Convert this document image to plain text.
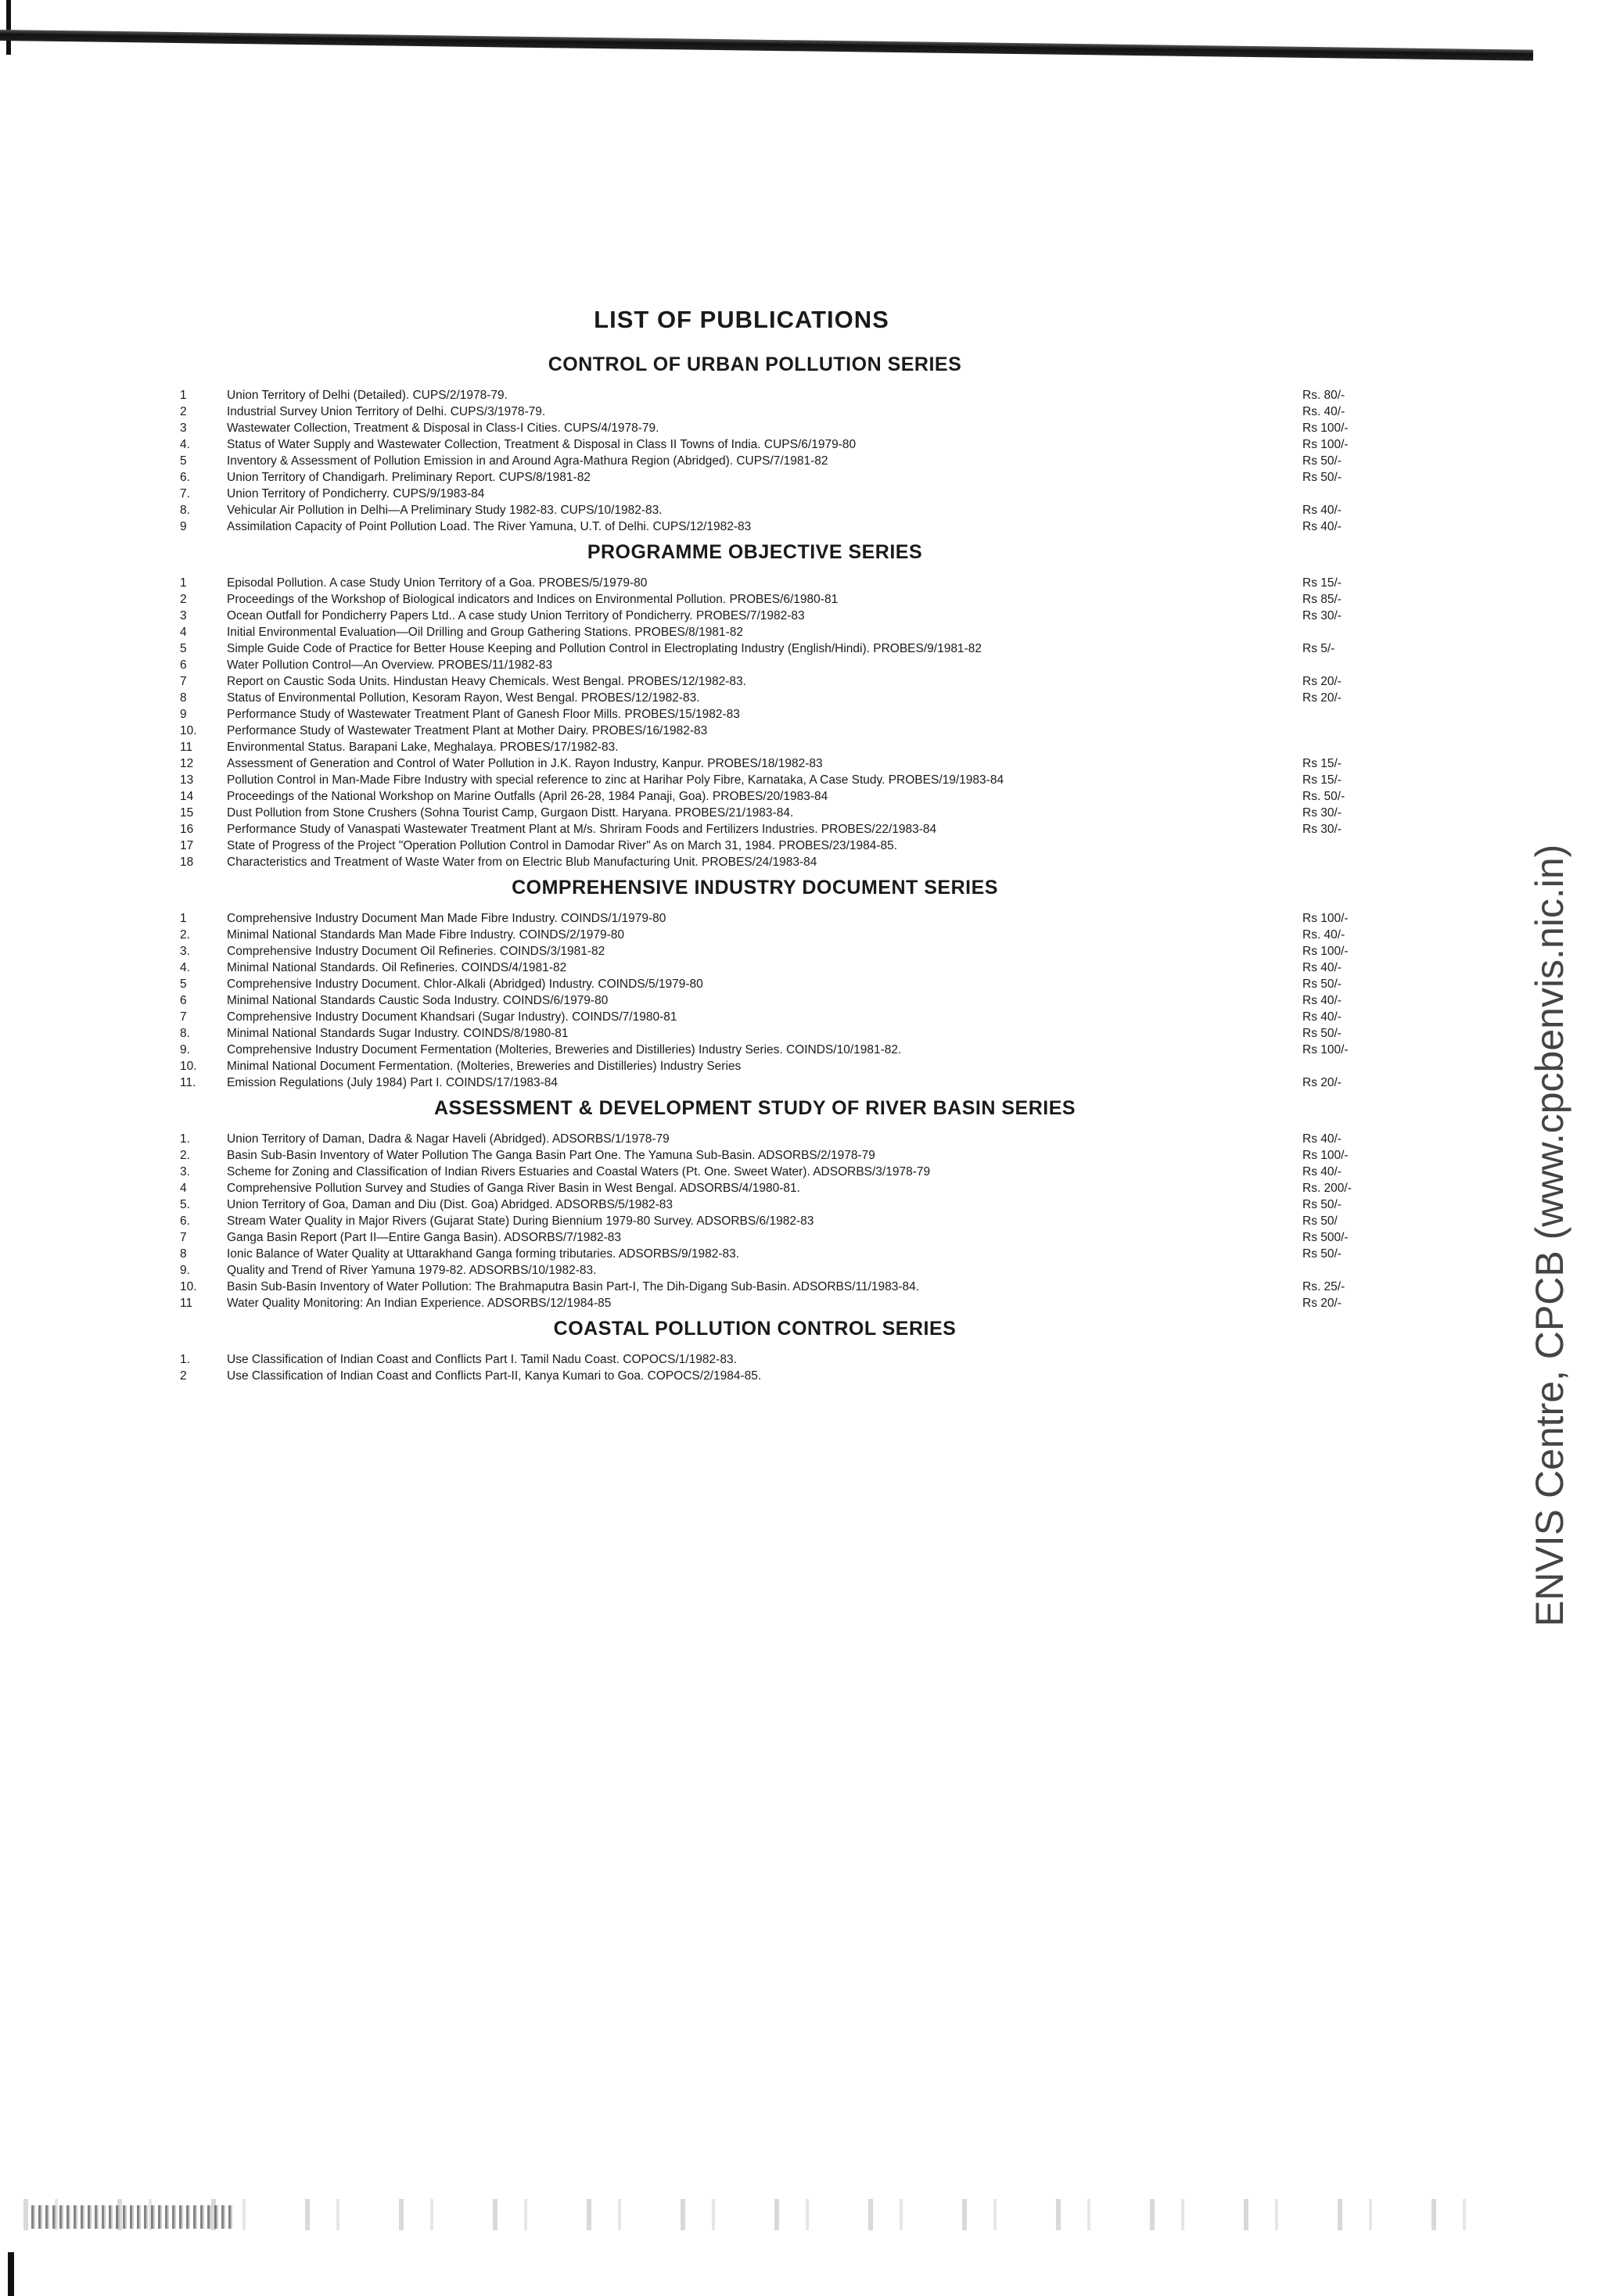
LIST OF PUBLICATIONS
CONTROL OF URBAN POLLUTION SERIES
1	Union Territory of Delhi (Detailed). CUPS/2/1978-79.	Rs. 80/-
2	Industrial Survey Union Territory of Delhi. CUPS/3/1978-79.	Rs. 40/-
3	Wastewater Collection, Treatment & Disposal in Class-I Cities. CUPS/4/1978-79.	Rs 100/-
4.	Status of Water Supply and Wastewater Collection, Treatment & Disposal in Class II Towns of India. CUPS/6/1979-80	Rs 100/-
5	Inventory & Assessment of Pollution Emission in and Around Agra-Mathura Region (Abridged). CUPS/7/1981-82	Rs 50/-
6.	Union Territory of Chandigarh. Preliminary Report. CUPS/8/1981-82	Rs 50/-
7.	Union Territory of Pondicherry. CUPS/9/1983-84
8.	Vehicular Air Pollution in Delhi—A Preliminary Study 1982-83. CUPS/10/1982-83.	Rs 40/-
9	Assimilation Capacity of Point Pollution Load. The River Yamuna, U.T. of Delhi. CUPS/12/1982-83	Rs 40/-
PROGRAMME OBJECTIVE SERIES
1	Episodal Pollution. A case Study Union Territory of a Goa. PROBES/5/1979-80	Rs 15/-
2	Proceedings of the Workshop of Biological indicators and Indices on Environmental Pollution. PROBES/6/1980-81	Rs 85/-
3	Ocean Outfall for Pondicherry Papers Ltd.. A case study Union Territory of Pondicherry. PROBES/7/1982-83	Rs 30/-
4	Initial Environmental Evaluation—Oil Drilling and Group Gathering Stations. PROBES/8/1981-82
5	Simple Guide Code of Practice for Better House Keeping and Pollution Control in Electroplating Industry (English/Hindi). PROBES/9/1981-82	Rs 5/-
6	Water Pollution Control—An Overview. PROBES/11/1982-83
7	Report on Caustic Soda Units. Hindustan Heavy Chemicals. West Bengal. PROBES/12/1982-83.	Rs 20/-
8	Status of Environmental Pollution, Kesoram Rayon, West Bengal. PROBES/12/1982-83.	Rs 20/-
9	Performance Study of Wastewater Treatment Plant of Ganesh Floor Mills. PROBES/15/1982-83
10.	Performance Study of Wastewater Treatment Plant at Mother Dairy. PROBES/16/1982-83
11	Environmental Status. Barapani Lake, Meghalaya. PROBES/17/1982-83.
12	Assessment of Generation and Control of Water Pollution in J.K. Rayon Industry, Kanpur. PROBES/18/1982-83	Rs 15/-
13	Pollution Control in Man-Made Fibre Industry with special reference to zinc at Harihar Poly Fibre, Karnataka, A Case Study. PROBES/19/1983-84	Rs 15/-
14	Proceedings of the National Workshop on Marine Outfalls (April 26-28, 1984 Panaji, Goa). PROBES/20/1983-84	Rs. 50/-
15	Dust Pollution from Stone Crushers (Sohna Tourist Camp, Gurgaon Distt. Haryana. PROBES/21/1983-84.	Rs 30/-
16	Performance Study of Vanaspati Wastewater Treatment Plant at M/s. Shriram Foods and Fertilizers Industries. PROBES/22/1983-84	Rs 30/-
17	State of Progress of the Project "Operation Pollution Control in Damodar River" As on March 31, 1984. PROBES/23/1984-85.
18	Characteristics and Treatment of Waste Water from on Electric Blub Manufacturing Unit. PROBES/24/1983-84
COMPREHENSIVE INDUSTRY DOCUMENT SERIES
1	Comprehensive Industry Document Man Made Fibre Industry. COINDS/1/1979-80	Rs 100/-
2.	Minimal National Standards Man Made Fibre Industry. COINDS/2/1979-80	Rs. 40/-
3.	Comprehensive Industry Document Oil Refineries. COINDS/3/1981-82	Rs 100/-
4.	Minimal National Standards. Oil Refineries. COINDS/4/1981-82	Rs 40/-
5	Comprehensive Industry Document. Chlor-Alkali (Abridged) Industry. COINDS/5/1979-80	Rs 50/-
6	Minimal National Standards Caustic Soda Industry. COINDS/6/1979-80	Rs 40/-
7	Comprehensive Industry Document Khandsari (Sugar Industry). COINDS/7/1980-81	Rs 40/-
8.	Minimal National Standards Sugar Industry. COINDS/8/1980-81	Rs 50/-
9.	Comprehensive Industry Document Fermentation (Molteries, Breweries and Distilleries) Industry Series. COINDS/10/1981-82.	Rs 100/-
10.	Minimal National Document Fermentation. (Molteries, Breweries and Distilleries) Industry Series
11.	Emission Regulations (July 1984) Part I. COINDS/17/1983-84	Rs 20/-
ASSESSMENT & DEVELOPMENT STUDY OF RIVER BASIN SERIES
1.	Union Territory of Daman, Dadra & Nagar Haveli (Abridged). ADSORBS/1/1978-79	Rs 40/-
2.	Basin Sub-Basin Inventory of Water Pollution The Ganga Basin Part One. The Yamuna Sub-Basin. ADSORBS/2/1978-79	Rs 100/-
3.	Scheme for Zoning and Classification of Indian Rivers Estuaries and Coastal Waters (Pt. One. Sweet Water). ADSORBS/3/1978-79	Rs 40/-
4	Comprehensive Pollution Survey and Studies of Ganga River Basin in West Bengal. ADSORBS/4/1980-81.	Rs. 200/-
5.	Union Territory of Goa, Daman and Diu (Dist. Goa) Abridged. ADSORBS/5/1982-83	Rs 50/-
6.	Stream Water Quality in Major Rivers (Gujarat State) During Biennium 1979-80 Survey. ADSORBS/6/1982-83	Rs 50/
7	Ganga Basin Report (Part II—Entire Ganga Basin). ADSORBS/7/1982-83	Rs 500/-
8	Ionic Balance of Water Quality at Uttarakhand Ganga forming tributaries. ADSORBS/9/1982-83.	Rs 50/-
9.	Quality and Trend of River Yamuna 1979-82. ADSORBS/10/1982-83.
10.	Basin Sub-Basin Inventory of Water Pollution: The Brahmaputra Basin Part-I, The Dih-Digang Sub-Basin. ADSORBS/11/1983-84.	Rs. 25/-
11	Water Quality Monitoring: An Indian Experience. ADSORBS/12/1984-85	Rs 20/-
COASTAL POLLUTION CONTROL SERIES
1.	Use Classification of Indian Coast and Conflicts Part I. Tamil Nadu Coast. COPOCS/1/1982-83.
2	Use Classification of Indian Coast and Conflicts Part-II, Kanya Kumari to Goa. COPOCS/2/1984-85.	ENVIS Centre, CPCB (www.cpcbenvis.nic.in)
